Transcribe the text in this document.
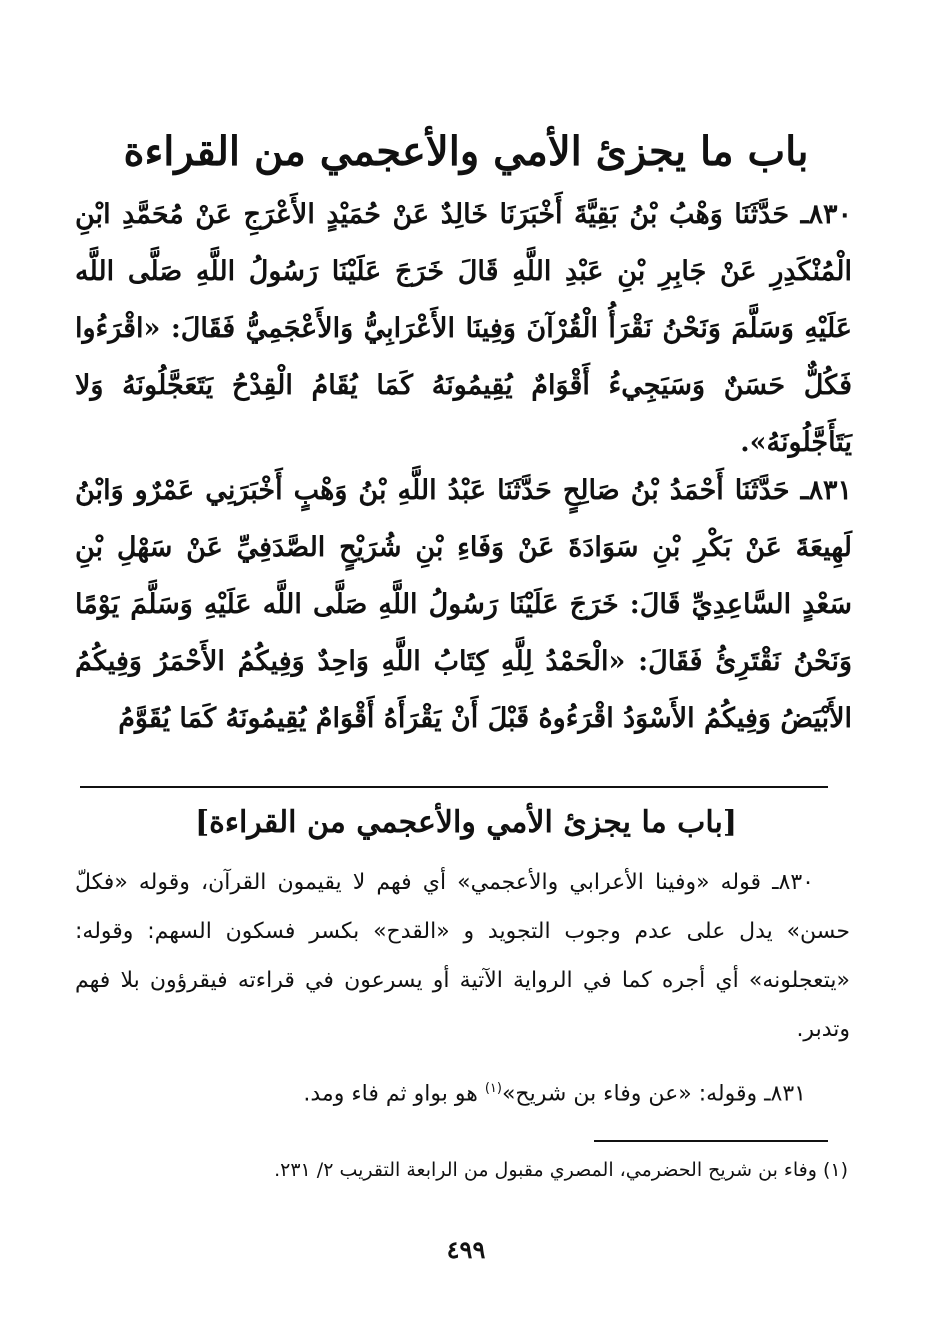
باب ما يجزئ الأمي والأعجمي من القراءة
٨٣٠ـ حَدَّثَنَا وَهْبُ بْنُ بَقِيَّةَ أَخْبَرَنَا خَالِدٌ عَنْ حُمَيْدٍ الأَعْرَجِ عَنْ مُحَمَّدِ ابْنِ الْمُنْكَدِرِ عَنْ جَابِرِ بْنِ عَبْدِ اللَّهِ قَالَ خَرَجَ عَلَيْنَا رَسُولُ اللَّهِ صَلَّى اللَّه عَلَيْهِ وَسَلَّمَ وَنَحْنُ نَقْرَأُ الْقُرْآنَ وَفِينَا الأَعْرَابِيُّ وَالأَعْجَمِيُّ فَقَالَ: «اقْرَءُوا فَكُلٌّ حَسَنٌ وَسَيَجِيءُ أَقْوَامٌ يُقِيمُونَهُ كَمَا يُقَامُ الْقِدْحُ يَتَعَجَّلُونَهُ وَلا يَتَأَجَّلُونَهُ».
٨٣١ـ حَدَّثَنَا أَحْمَدُ بْنُ صَالِحٍ حَدَّثَنَا عَبْدُ اللَّهِ بْنُ وَهْبٍ أَخْبَرَنِي عَمْرٌو وَابْنُ لَهِيعَةَ عَنْ بَكْرِ بْنِ سَوَادَةَ عَنْ وَفَاءِ بْنِ شُرَيْحٍ الصَّدَفِيِّ عَنْ سَهْلِ بْنِ سَعْدٍ السَّاعِدِيِّ قَالَ: خَرَجَ عَلَيْنَا رَسُولُ اللَّهِ صَلَّى اللَّه عَلَيْهِ وَسَلَّمَ يَوْمًا وَنَحْنُ نَقْتَرِئُ فَقَالَ: «الْحَمْدُ لِلَّهِ كِتَابُ اللَّهِ وَاحِدٌ وَفِيكُمُ الأَحْمَرُ وَفِيكُمُ الأَبْيَضُ وَفِيكُمُ الأَسْوَدُ اقْرَءُوهُ قَبْلَ أَنْ يَقْرَأَهُ أَقْوَامٌ يُقِيمُونَهُ كَمَا يُقَوَّمُ
[باب ما يجزئ الأمي والأعجمي من القراءة]
٨٣٠ـ قوله «وفينا الأعرابي والأعجمي» أي فهم لا يقيمون القرآن، وقوله «فكلّ حسن» يدل على عدم وجوب التجويد و «القدح» بكسر فسكون السهم: وقوله: «يتعجلونه» أي أجره كما في الرواية الآتية أو يسرعون في قراءته فيقرؤون بلا فهم وتدبر.
٨٣١ـ وقوله: «عن وفاء بن شريح»$^{(١)}$ هو بواو ثم فاء ومد.
(١) وفاء بن شريح الحضرمي، المصري مقبول من الرابعة التقريب ٢/ ٢٣١.
٤٩٩
